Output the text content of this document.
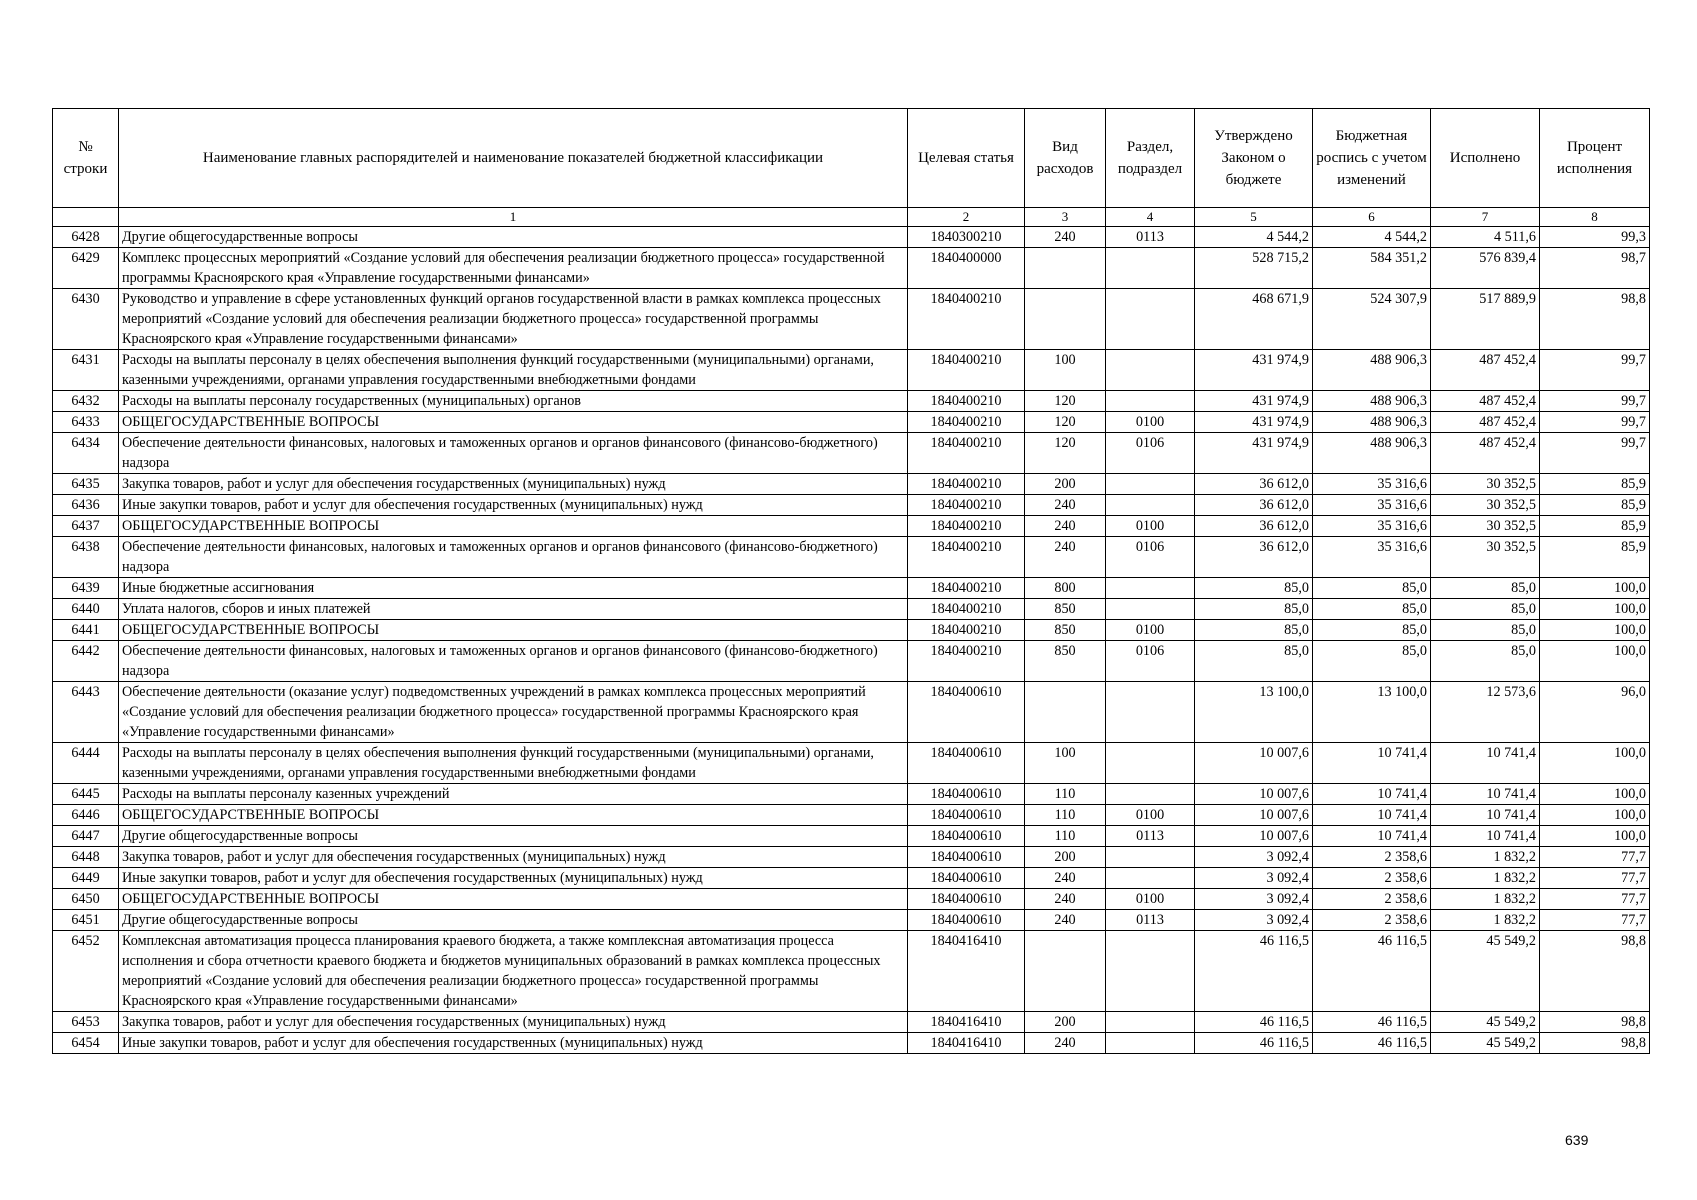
№ строки	Наименование главных распорядителей и наименование показателей бюджетной классификации	Целевая статья	Вид расходов	Раздел, подраздел	Утверждено Законом о бюджете	Бюджетная роспись с учетом изменений	Исполнено	Процент исполнения
	1	2	3	4	5	6	7	8
6428	Другие общегосударственные вопросы	1840300210	240	0113	4 544,2	4 544,2	4 511,6	99,3
6429	Комплекс процессных мероприятий «Создание условий для обеспечения реализации бюджетного процесса» государственной программы Красноярского края «Управление государственными финансами»	1840400000			528 715,2	584 351,2	576 839,4	98,7
6430	Руководство и управление в сфере установленных функций органов государственной власти в рамках комплекса процессных мероприятий «Создание условий для обеспечения реализации бюджетного процесса» государственной программы Красноярского края «Управление государственными финансами»	1840400210			468 671,9	524 307,9	517 889,9	98,8
6431	Расходы на выплаты персоналу в целях обеспечения выполнения функций государственными (муниципальными) органами, казенными учреждениями, органами управления государственными внебюджетными фондами	1840400210	100		431 974,9	488 906,3	487 452,4	99,7
6432	Расходы на выплаты персоналу государственных (муниципальных) органов	1840400210	120		431 974,9	488 906,3	487 452,4	99,7
6433	ОБЩЕГОСУДАРСТВЕННЫЕ ВОПРОСЫ	1840400210	120	0100	431 974,9	488 906,3	487 452,4	99,7
6434	Обеспечение деятельности финансовых, налоговых и таможенных органов и органов финансового (финансово-бюджетного) надзора	1840400210	120	0106	431 974,9	488 906,3	487 452,4	99,7
6435	Закупка товаров, работ и услуг для обеспечения государственных (муниципальных) нужд	1840400210	200		36 612,0	35 316,6	30 352,5	85,9
6436	Иные закупки товаров, работ и услуг для обеспечения государственных (муниципальных) нужд	1840400210	240		36 612,0	35 316,6	30 352,5	85,9
6437	ОБЩЕГОСУДАРСТВЕННЫЕ ВОПРОСЫ	1840400210	240	0100	36 612,0	35 316,6	30 352,5	85,9
6438	Обеспечение деятельности финансовых, налоговых и таможенных органов и органов финансового (финансово-бюджетного) надзора	1840400210	240	0106	36 612,0	35 316,6	30 352,5	85,9
6439	Иные бюджетные ассигнования	1840400210	800		85,0	85,0	85,0	100,0
6440	Уплата налогов, сборов и иных платежей	1840400210	850		85,0	85,0	85,0	100,0
6441	ОБЩЕГОСУДАРСТВЕННЫЕ ВОПРОСЫ	1840400210	850	0100	85,0	85,0	85,0	100,0
6442	Обеспечение деятельности финансовых, налоговых и таможенных органов и органов финансового (финансово-бюджетного) надзора	1840400210	850	0106	85,0	85,0	85,0	100,0
6443	Обеспечение деятельности (оказание услуг) подведомственных учреждений в рамках комплекса процессных мероприятий «Создание условий для обеспечения реализации бюджетного процесса» государственной программы Красноярского края «Управление государственными финансами»	1840400610			13 100,0	13 100,0	12 573,6	96,0
6444	Расходы на выплаты персоналу в целях обеспечения выполнения функций государственными (муниципальными) органами, казенными учреждениями, органами управления государственными внебюджетными фондами	1840400610	100		10 007,6	10 741,4	10 741,4	100,0
6445	Расходы на выплаты персоналу казенных учреждений	1840400610	110		10 007,6	10 741,4	10 741,4	100,0
6446	ОБЩЕГОСУДАРСТВЕННЫЕ ВОПРОСЫ	1840400610	110	0100	10 007,6	10 741,4	10 741,4	100,0
6447	Другие общегосударственные вопросы	1840400610	110	0113	10 007,6	10 741,4	10 741,4	100,0
6448	Закупка товаров, работ и услуг для обеспечения государственных (муниципальных) нужд	1840400610	200		3 092,4	2 358,6	1 832,2	77,7
6449	Иные закупки товаров, работ и услуг для обеспечения государственных (муниципальных) нужд	1840400610	240		3 092,4	2 358,6	1 832,2	77,7
6450	ОБЩЕГОСУДАРСТВЕННЫЕ ВОПРОСЫ	1840400610	240	0100	3 092,4	2 358,6	1 832,2	77,7
6451	Другие общегосударственные вопросы	1840400610	240	0113	3 092,4	2 358,6	1 832,2	77,7
6452	Комплексная автоматизация процесса планирования краевого бюджета, а также комплексная автоматизация процесса исполнения и сбора отчетности краевого бюджета и бюджетов муниципальных образований в рамках комплекса процессных мероприятий «Создание условий для обеспечения реализации бюджетного процесса» государственной программы Красноярского края «Управление государственными финансами»	1840416410			46 116,5	46 116,5	45 549,2	98,8
6453	Закупка товаров, работ и услуг для обеспечения государственных (муниципальных) нужд	1840416410	200		46 116,5	46 116,5	45 549,2	98,8
6454	Иные закупки товаров, работ и услуг для обеспечения государственных (муниципальных) нужд	1840416410	240		46 116,5	46 116,5	45 549,2	98,8
639
